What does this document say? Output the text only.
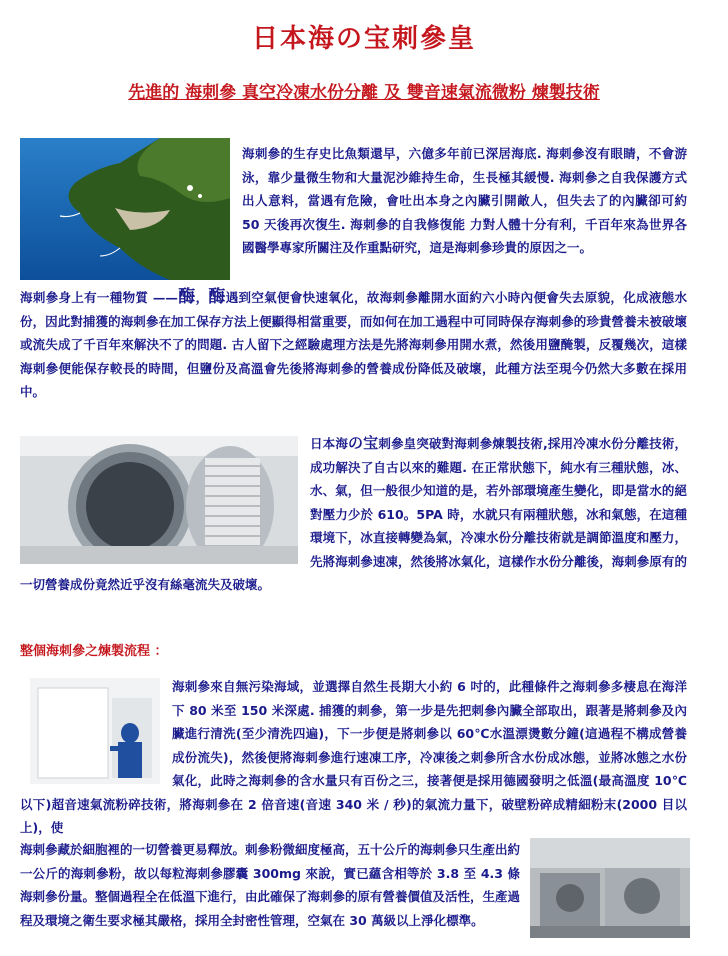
日本海の宝刺參皇
先進的 海刺參 真空冷凍水份分離 及 雙音速氣流微粉 煉製技術

海刺參的生存史比魚類還早，六億多年前已深居海底. 海刺參沒有眼睛，不會游泳，靠少量微生物和大量泥沙維持生命，生長極其緩慢. 海刺參之自我保護方式出人意料，當遇有危險，會吐出本身之內臟引開敵人，但失去了的內臟卻可約 50 天後再次復生. 海刺參的自我修復能 力對人體十分有利，千百年來為世界各國醫學專家所關注及作重點研究，這是海刺參珍貴的原因之一。

海刺參身上有一種物質 ——酶，酶遇到空氣便會快速氧化，故海刺參離開水面約六小時內便會失去原貌，化成液態水份，因此對捕獲的海刺參在加工保存方法上便顯得相當重要，而如何在加工過程中可同時保存海刺參的珍貴營養未被破壞或流失成了千百年來解決不了的問題. 古人留下之經驗處理方法是先將海刺參用開水煮，然後用鹽醃製，反覆幾次，這樣海刺參便能保存較長的時間，但鹽份及高溫會先後將海刺參的營養成份降低及破壞，此種方法至現今仍然大多數在採用中。

日本海の宝刺參皇突破對海刺參煉製技術,採用冷凍水份分離技術，成功解決了自古以來的難題. 在正常狀態下，純水有三種狀態，冰、水、氣，但一般很少知道的是，若外部環境產生變化，即是當水的絕對壓力少於 610。5PA 時，水就只有兩種狀態，冰和氣態，在這種環境下，冰直接轉變為氣，冷凍水份分離技術就是調節溫度和壓力，先將海刺參速凍，然後將冰氣化，這樣作水份分離後，海刺參原有的一切營養成份竟然近乎沒有絲毫流失及破壞。

整個海刺參之煉製流程 ：

海刺參來自無污染海域，並選擇自然生長期大小約 6 吋的，此種條件之海刺參多棲息在海洋下 80 米至 150 米深處. 捕獲的刺參，第一步是先把刺參內臟全部取出，跟著是將刺參及內臟進行清洗(至少清洗四遍)，下一步便是將刺參以 60℃水溫漂燙數分鐘(這過程不構成營養成份流失)，然後便將海刺參進行速凍工序，冷凍後之刺參所含水份成冰態，並將冰態之水份氣化，此時之海刺參的含水量只有百份之三，接著便是採用德國發明之低溫(最高溫度 10℃以下)超音速氣流粉碎技術，將海刺參在 2 倍音速(音速 340 米 / 秒)的氣流力量下，破壁粉碎成精細粉末(2000 目以上)，使

海刺參藏於細胞裡的一切營養更易釋放。刺參粉微細度極高，五十公斤的海刺參只生產出約一公斤的海刺參粉，故以每粒海刺參膠囊 300mg 來說，實已蘊含相等於 3.8 至 4.3 條海刺參份量。整個過程全在低溫下進行，由此確保了海刺參的原有營養價值及活性，生產過程及環境之衛生要求極其嚴格，採用全封密性管理，空氣在 30 萬級以上淨化標準。
